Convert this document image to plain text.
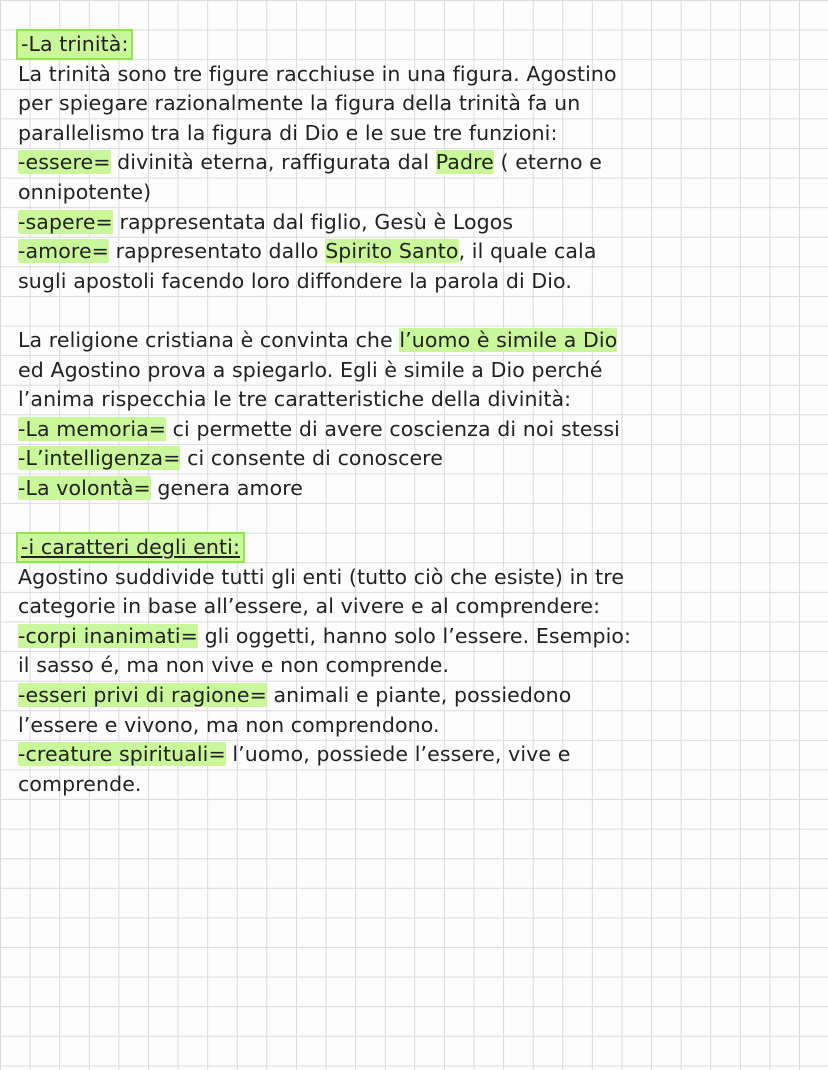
-La trinità:
La trinità sono tre figure racchiuse in una figura. Agostino
per spiegare razionalmente la figura della trinità fa un
parallelismo tra la figura di Dio e le sue tre funzioni:
-essere= divinità eterna, raffigurata dal Padre ( eterno e
onnipotente)
-sapere= rappresentata dal figlio, Gesù è Logos
-amore= rappresentato dallo Spirito Santo, il quale cala
sugli apostoli facendo loro diffondere la parola di Dio.
La religione cristiana è convinta che l’uomo è simile a Dio
ed Agostino prova a spiegarlo. Egli è simile a Dio perché
l’anima rispecchia le tre caratteristiche della divinità:
-La memoria= ci permette di avere coscienza di noi stessi
-L’intelligenza= ci consente di conoscere
-La volontà= genera amore
-i caratteri degli enti:
Agostino suddivide tutti gli enti (tutto ciò che esiste) in tre
categorie in base all’essere, al vivere e al comprendere:
-corpi inanimati= gli oggetti, hanno solo l’essere. Esempio:
il sasso é, ma non vive e non comprende.
-esseri privi di ragione= animali e piante, possiedono
l’essere e vivono, ma non comprendono.
-creature spirituali= l’uomo, possiede l’essere, vive e
comprende.
